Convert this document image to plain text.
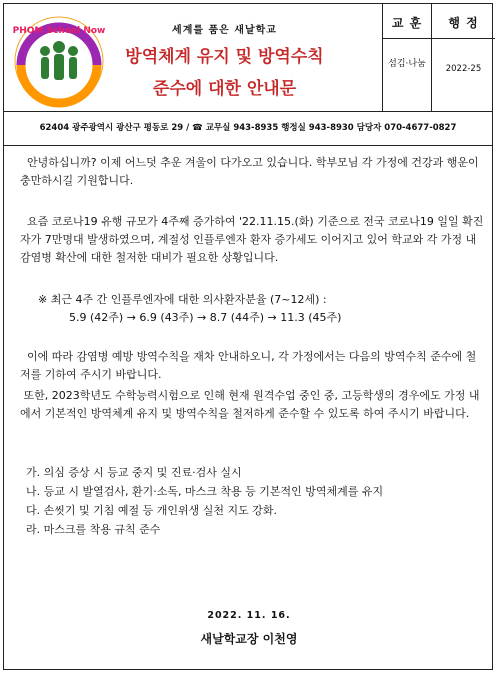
PHOM School Now	세계를 품은 새날학교
방역체계 유지 및 방역수칙
준수에 대한 안내문
교 훈	행 정
섬김·나눔	2022-25
62404 광주광역시 광산구 평동로 29 / ☎ 교무실 943-8935 행정실 943-8930 담당자 070-4677-0827

안녕하십니까? 이제 어느덧 추운 겨울이 다가오고 있습니다. 학부모님 각 가정에 건강과 행운이 충만하시길 기원합니다.

요즘 코로나19 유행 규모가 4주째 증가하여 '22.11.15.(화) 기준으로 전국 코로나19 일일 확진자가 7만명대 발생하였으며, 계절성 인플루엔자 환자 증가세도 이어지고 있어 학교와 각 가정 내 감염병 확산에 대한 철저한 대비가 필요한 상황입니다.

※ 최근 4주 간 인플루엔자에 대한 의사환자분율 (7~12세) :
5.9 (42주) → 6.9 (43주) → 8.7 (44주) → 11.3 (45주)

이에 따라 감염병 예방 방역수칙을 재차 안내하오니, 각 가정에서는 다음의 방역수칙 준수에 철저를 기하여 주시기 바랍니다.

또한, 2023학년도 수학능력시험으로 인해 현재 원격수업 중인 중, 고등학생의 경우에도 가정 내에서 기본적인 방역체계 유지 및 방역수칙을 철저하게 준수할 수 있도록 하여 주시기 바랍니다.

가. 의심 증상 시 등교 중지 및 진료·검사 실시
나. 등교 시 발열검사, 환기·소독, 마스크 착용 등 기본적인 방역체계를 유지
다. 손씻기 및 기침 예절 등 개인위생 실천 지도 강화.
라. 마스크를 착용 규칙 준수
2022. 11. 16.
새날학교장 이천영
